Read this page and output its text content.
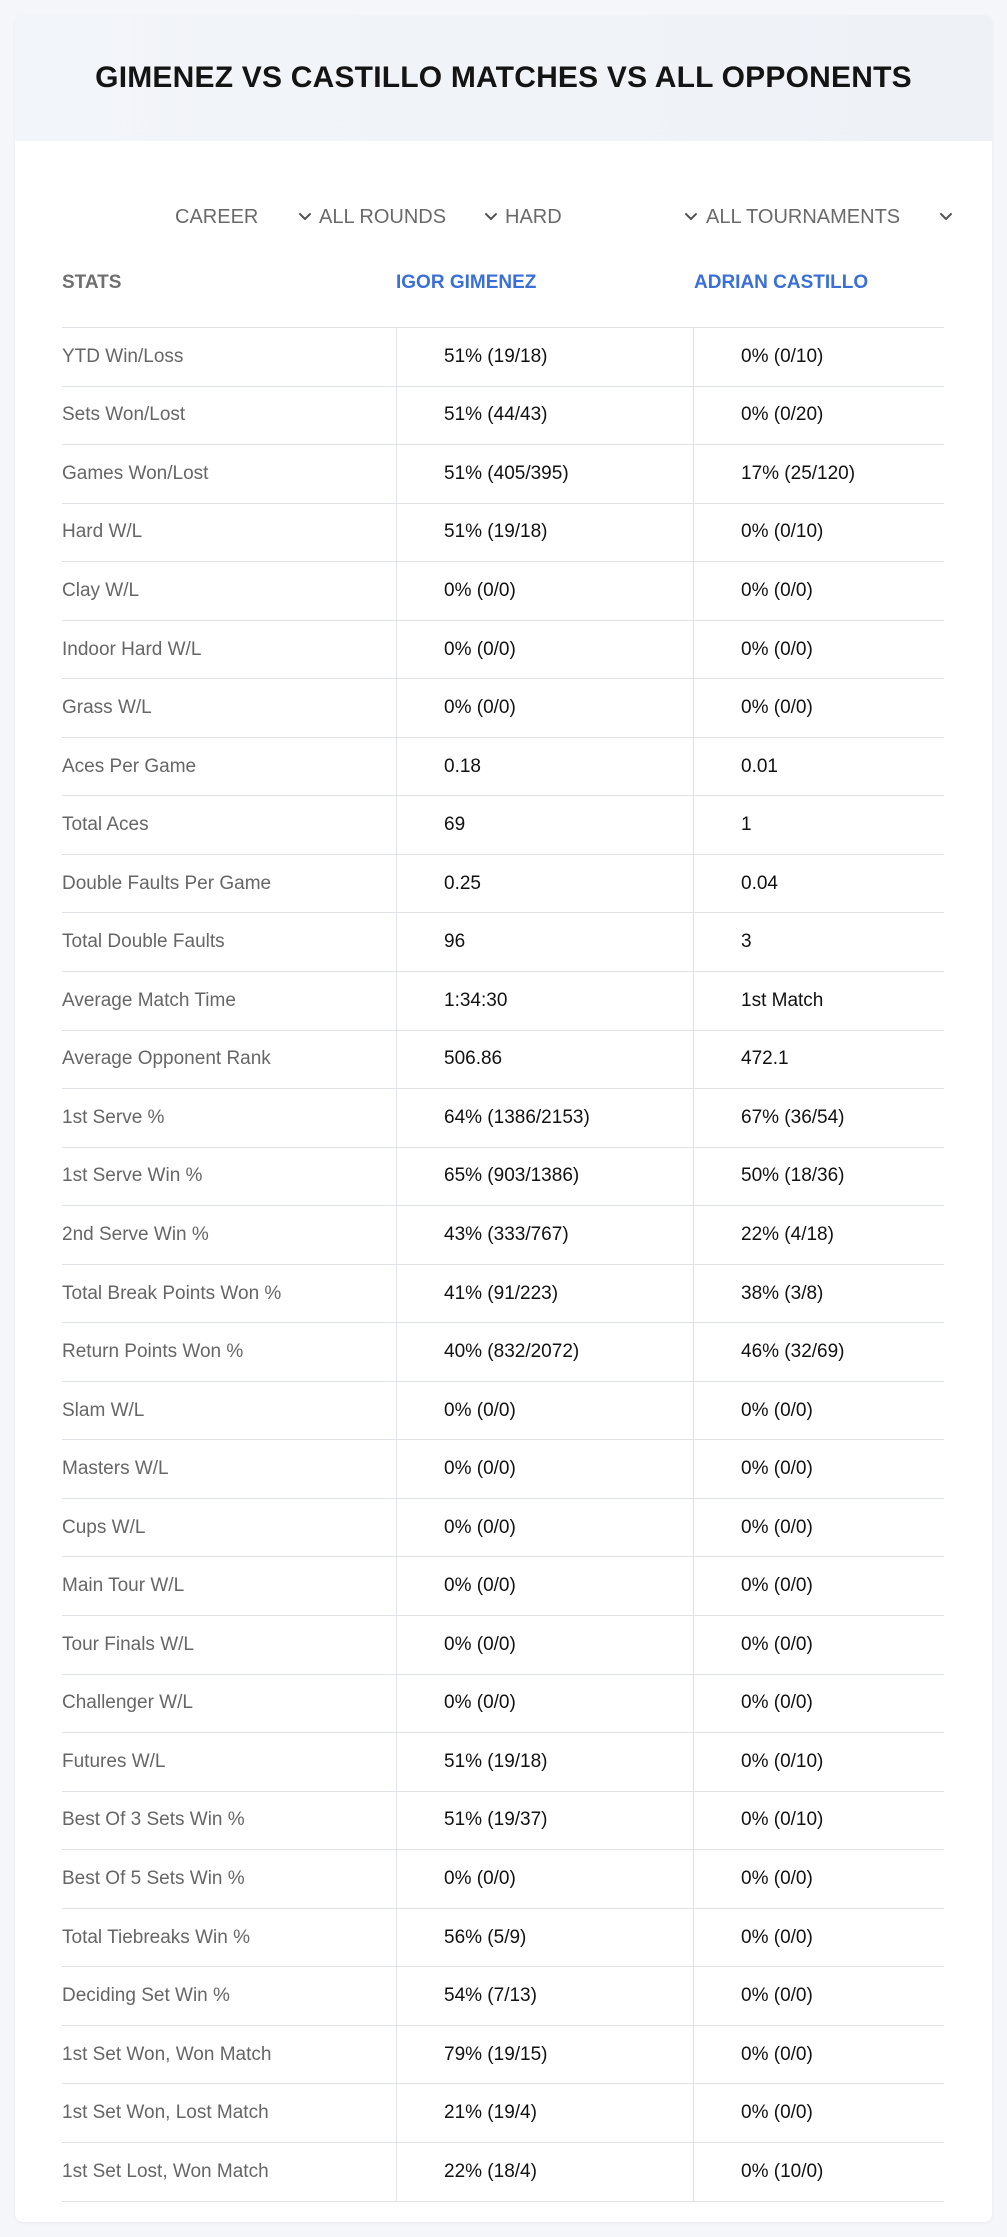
GIMENEZ VS CASTILLO MATCHES VS ALL OPPONENTS
CAREER	ALL ROUNDS	HARD	ALL TOURNAMENTS
STATS	IGOR GIMENEZ	ADRIAN CASTILLO
YTD Win/Loss	51% (19/18)	0% (0/10)
Sets Won/Lost	51% (44/43)	0% (0/20)
Games Won/Lost	51% (405/395)	17% (25/120)
Hard W/L	51% (19/18)	0% (0/10)
Clay W/L	0% (0/0)	0% (0/0)
Indoor Hard W/L	0% (0/0)	0% (0/0)
Grass W/L	0% (0/0)	0% (0/0)
Aces Per Game	0.18	0.01
Total Aces	69	1
Double Faults Per Game	0.25	0.04
Total Double Faults	96	3
Average Match Time	1:34:30	1st Match
Average Opponent Rank	506.86	472.1
1st Serve %	64% (1386/2153)	67% (36/54)
1st Serve Win %	65% (903/1386)	50% (18/36)
2nd Serve Win %	43% (333/767)	22% (4/18)
Total Break Points Won %	41% (91/223)	38% (3/8)
Return Points Won %	40% (832/2072)	46% (32/69)
Slam W/L	0% (0/0)	0% (0/0)
Masters W/L	0% (0/0)	0% (0/0)
Cups W/L	0% (0/0)	0% (0/0)
Main Tour W/L	0% (0/0)	0% (0/0)
Tour Finals W/L	0% (0/0)	0% (0/0)
Challenger W/L	0% (0/0)	0% (0/0)
Futures W/L	51% (19/18)	0% (0/10)
Best Of 3 Sets Win %	51% (19/37)	0% (0/10)
Best Of 5 Sets Win %	0% (0/0)	0% (0/0)
Total Tiebreaks Win %	56% (5/9)	0% (0/0)
Deciding Set Win %	54% (7/13)	0% (0/0)
1st Set Won, Won Match	79% (19/15)	0% (0/0)
1st Set Won, Lost Match	21% (19/4)	0% (0/0)
1st Set Lost, Won Match	22% (18/4)	0% (10/0)
